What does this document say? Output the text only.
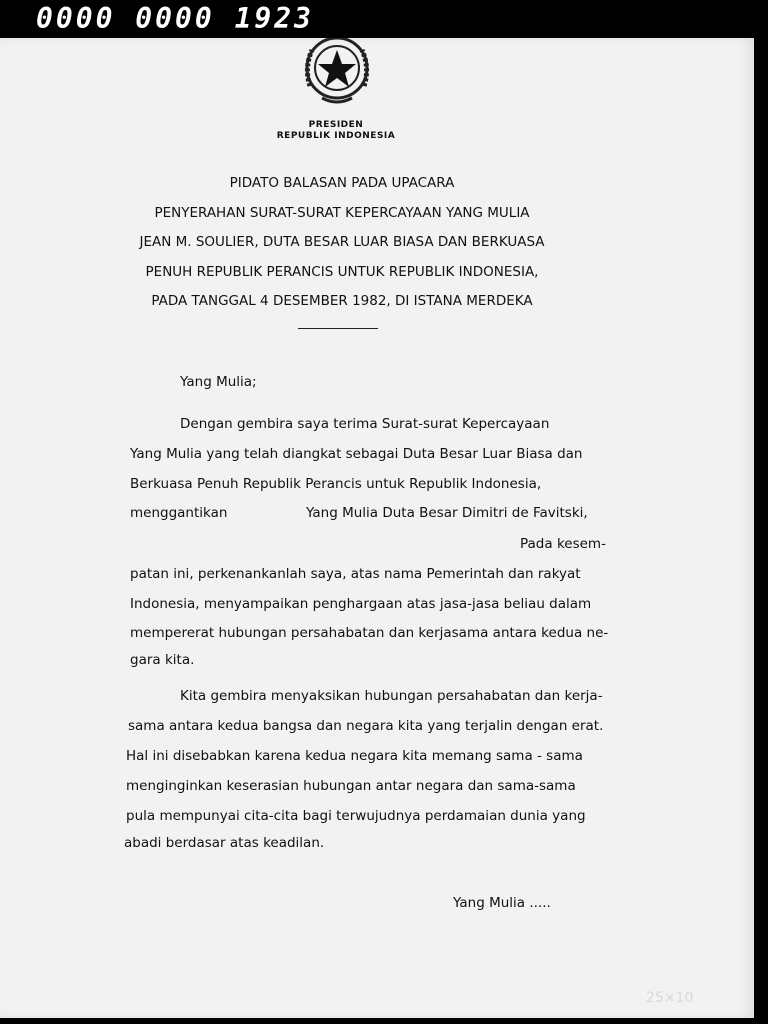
0000 0000 1923
PRESIDEN
REPUBLIK INDONESIA
PIDATO BALASAN PADA UPACARA
PENYERAHAN SURAT-SURAT KEPERCAYAAN YANG MULIA
JEAN M. SOULIER, DUTA BESAR LUAR BIASA DAN BERKUASA
PENUH REPUBLIK PERANCIS UNTUK REPUBLIK INDONESIA,
PADA TANGGAL 4 DESEMBER 1982, DI ISTANA MERDEKA
Yang Mulia;
Dengan gembira saya terima Surat-surat Kepercayaan
Yang Mulia yang telah diangkat sebagai Duta Besar Luar Biasa dan
Berkuasa Penuh Republik Perancis untuk Republik Indonesia,
menggantikan	Yang Mulia Duta Besar Dimitri de Favitski,
Pada kesem-
patan ini, perkenankanlah saya, atas nama Pemerintah dan rakyat
Indonesia, menyampaikan penghargaan atas jasa-jasa beliau dalam
mempererat hubungan persahabatan dan kerjasama antara kedua ne-
gara kita.
Kita gembira menyaksikan hubungan persahabatan dan kerja-
sama antara kedua bangsa dan negara kita yang terjalin dengan erat.
Hal ini disebabkan karena kedua negara kita memang sama - sama
menginginkan keserasian hubungan antar negara dan sama-sama
pula mempunyai cita-cita bagi terwujudnya perdamaian dunia yang
abadi berdasar atas keadilan.
Yang Mulia .....
25×10
